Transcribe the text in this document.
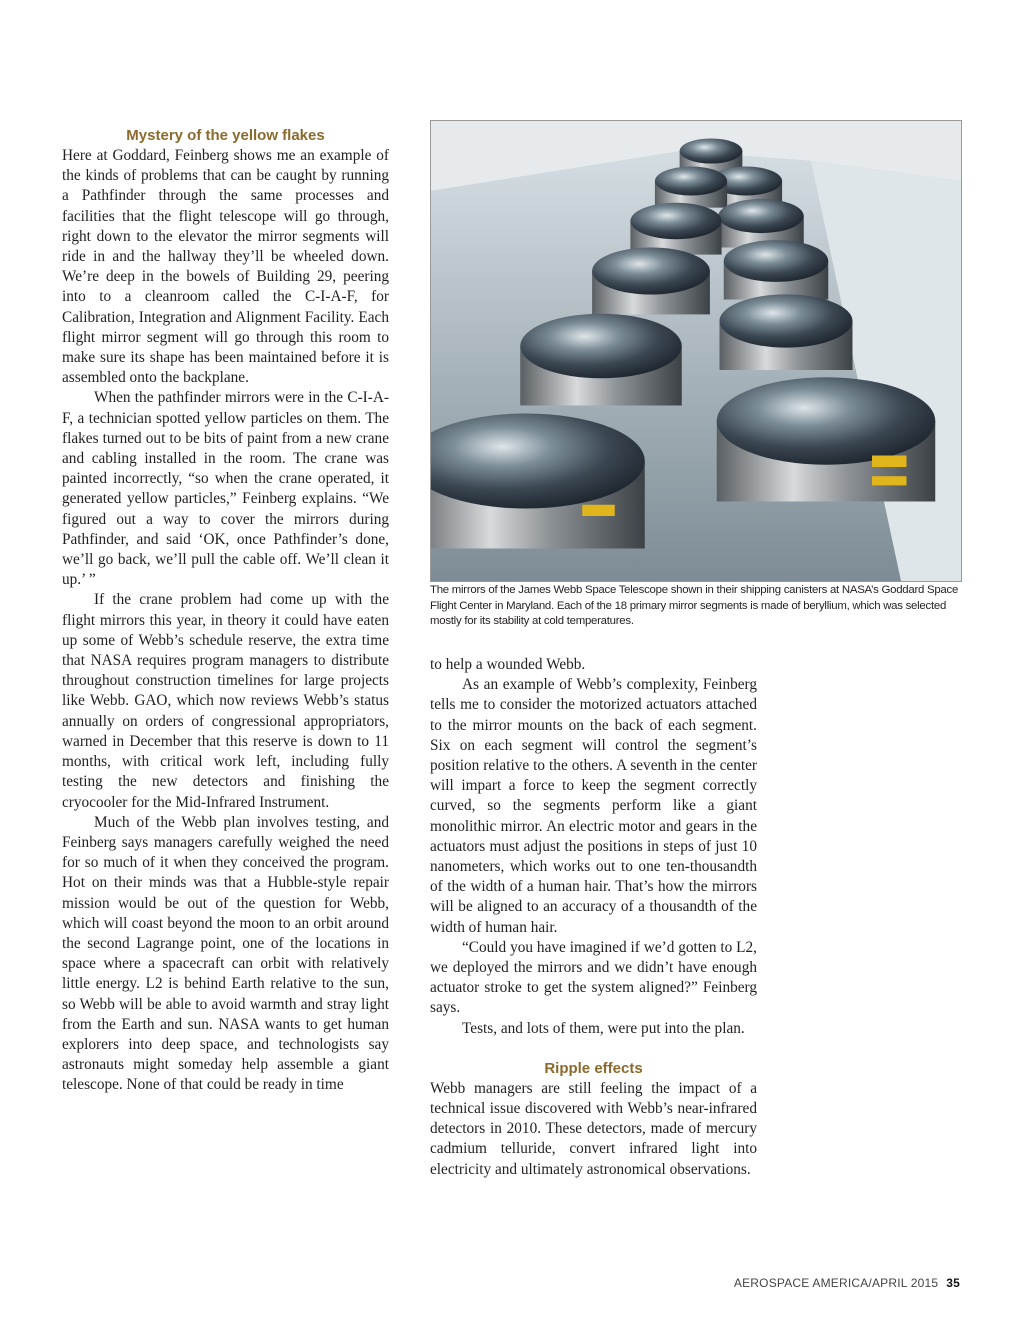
Mystery of the yellow flakes

Here at Goddard, Feinberg shows me an example of the kinds of problems that can be caught by running a Pathfinder through the same processes and facilities that the flight telescope will go through, right down to the elevator the mirror segments will ride in and the hallway they’ll be wheeled down. We’re deep in the bowels of Building 29, peering into to a cleanroom called the C-I-A-F, for Calibration, Integration and Alignment Facility. Each flight mirror segment will go through this room to make sure its shape has been maintained before it is assembled onto the backplane.

When the pathfinder mirrors were in the C-I-A-F, a technician spotted yellow particles on them. The flakes turned out to be bits of paint from a new crane and cabling installed in the room. The crane was painted incorrectly, “so when the crane operated, it generated yellow particles,” Feinberg explains. “We figured out a way to cover the mirrors during Pathfinder, and said ‘OK, once Pathfinder’s done, we’ll go back, we’ll pull the cable off. We’ll clean it up.’ ”

If the crane problem had come up with the flight mirrors this year, in theory it could have eaten up some of Webb’s schedule reserve, the extra time that NASA requires program managers to distribute throughout construction timelines for large projects like Webb. GAO, which now reviews Webb’s status annually on orders of congressional appropriators, warned in December that this reserve is down to 11 months, with critical work left, including fully testing the new detectors and finishing the cryocooler for the Mid-Infrared Instrument.

Much of the Webb plan involves testing, and Feinberg says managers carefully weighed the need for so much of it when they conceived the program. Hot on their minds was that a Hubble-style repair mission would be out of the question for Webb, which will coast beyond the moon to an orbit around the second Lagrange point, one of the locations in space where a spacecraft can orbit with relatively little energy. L2 is behind Earth relative to the sun, so Webb will be able to avoid warmth and stray light from the Earth and sun. NASA wants to get human explorers into deep space, and technologists say astronauts might someday help assemble a giant telescope. None of that could be ready in time

The mirrors of the James Webb Space Telescope shown in their shipping canisters at NASA’s Goddard Space Flight Center in Maryland. Each of the 18 primary mirror segments is made of beryllium, which was selected mostly for its stability at cold temperatures.

to help a wounded Webb.

As an example of Webb’s complexity, Feinberg tells me to consider the motorized actuators attached to the mirror mounts on the back of each segment. Six on each segment will control the segment’s position relative to the others. A seventh in the center will impart a force to keep the segment correctly curved, so the segments perform like a giant monolithic mirror. An electric motor and gears in the actuators must adjust the positions in steps of just 10 nanometers, which works out to one ten-thousandth of the width of a human hair. That’s how the mirrors will be aligned to an accuracy of a thousandth of the width of human hair.

“Could you have imagined if we’d gotten to L2, we deployed the mirrors and we didn’t have enough actuator stroke to get the system aligned?” Feinberg says.

Tests, and lots of them, were put into the plan.

Ripple effects

Webb managers are still feeling the impact of a technical issue discovered with Webb’s near-infrared detectors in 2010. These detectors, made of mercury cadmium telluride, convert infrared light into electricity and ultimately astronomical observations.

AEROSPACE AMERICA/APRIL 2015 35
